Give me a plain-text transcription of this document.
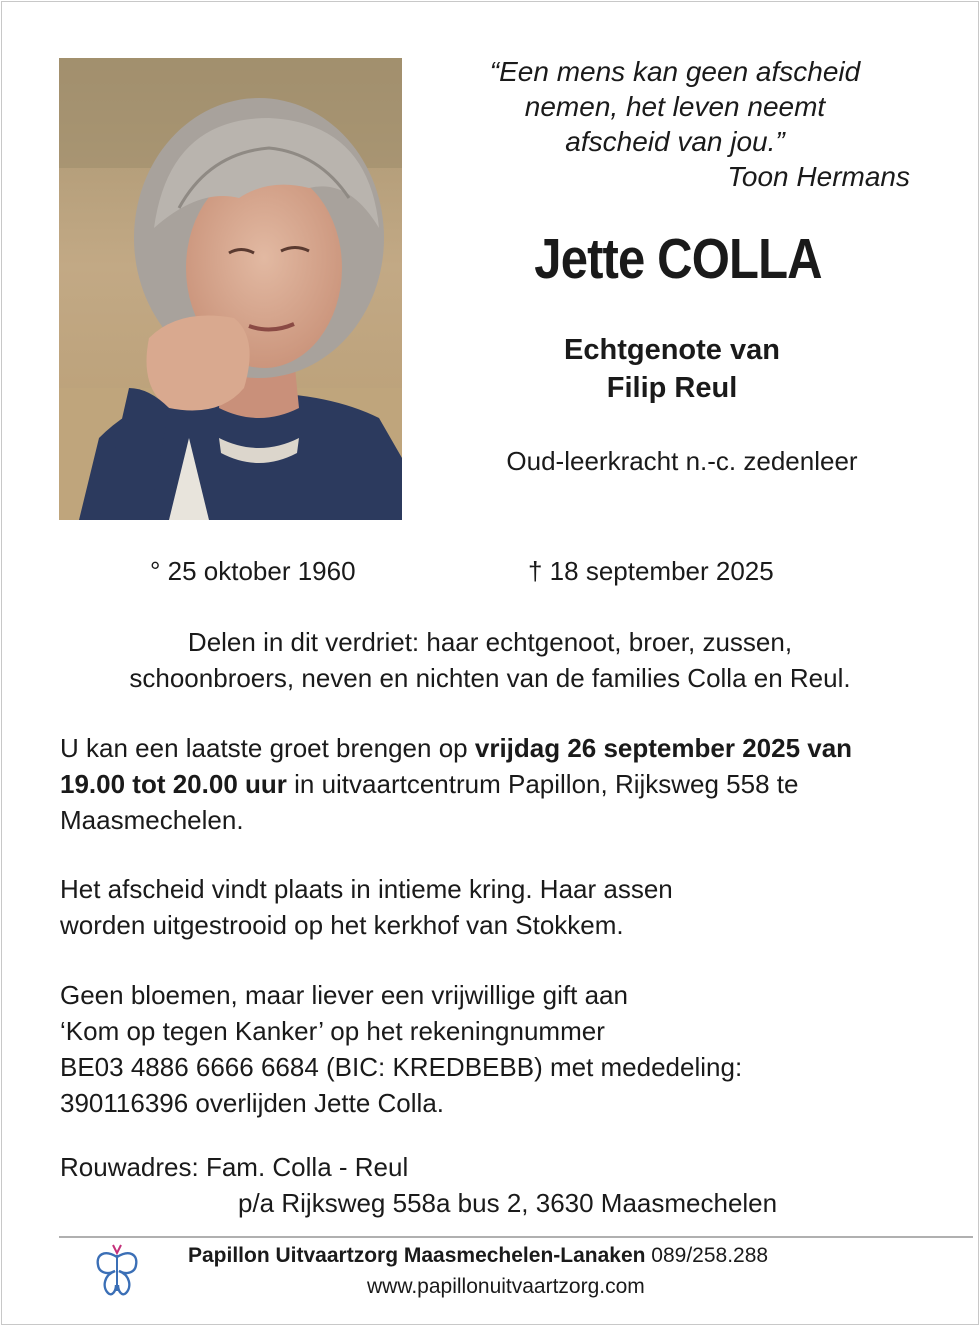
“Een mens kan geen afscheid
nemen, het leven neemt
afscheid van jou.”
Toon Hermans
Jette COLLA
Echtgenote van
Filip Reul
Oud-leerkracht n.-c. zedenleer
° 25 oktober 1960	† 18 september 2025
Delen in dit verdriet: haar echtgenoot, broer, zussen,
schoonbroers, neven en nichten van de families Colla en Reul.
U kan een laatste groet brengen op vrijdag 26 september 2025 van 19.00 tot 20.00 uur in uitvaartcentrum Papillon, Rijksweg 558 te Maasmechelen.
Het afscheid vindt plaats in intieme kring. Haar assen
worden uitgestrooid op het kerkhof van Stokkem.
Geen bloemen, maar liever een vrijwillige gift aan
‘Kom op tegen Kanker’ op het rekeningnummer
BE03 4886 6666 6684 (BIC: KREDBEBB) met mededeling:
390116396 overlijden Jette Colla.
Rouwadres: Fam. Colla - Reul
p/a Rijksweg 558a bus 2, 3630 Maasmechelen
Papillon Uitvaartzorg Maasmechelen-Lanaken 089/258.288
www.papillonuitvaartzorg.com
